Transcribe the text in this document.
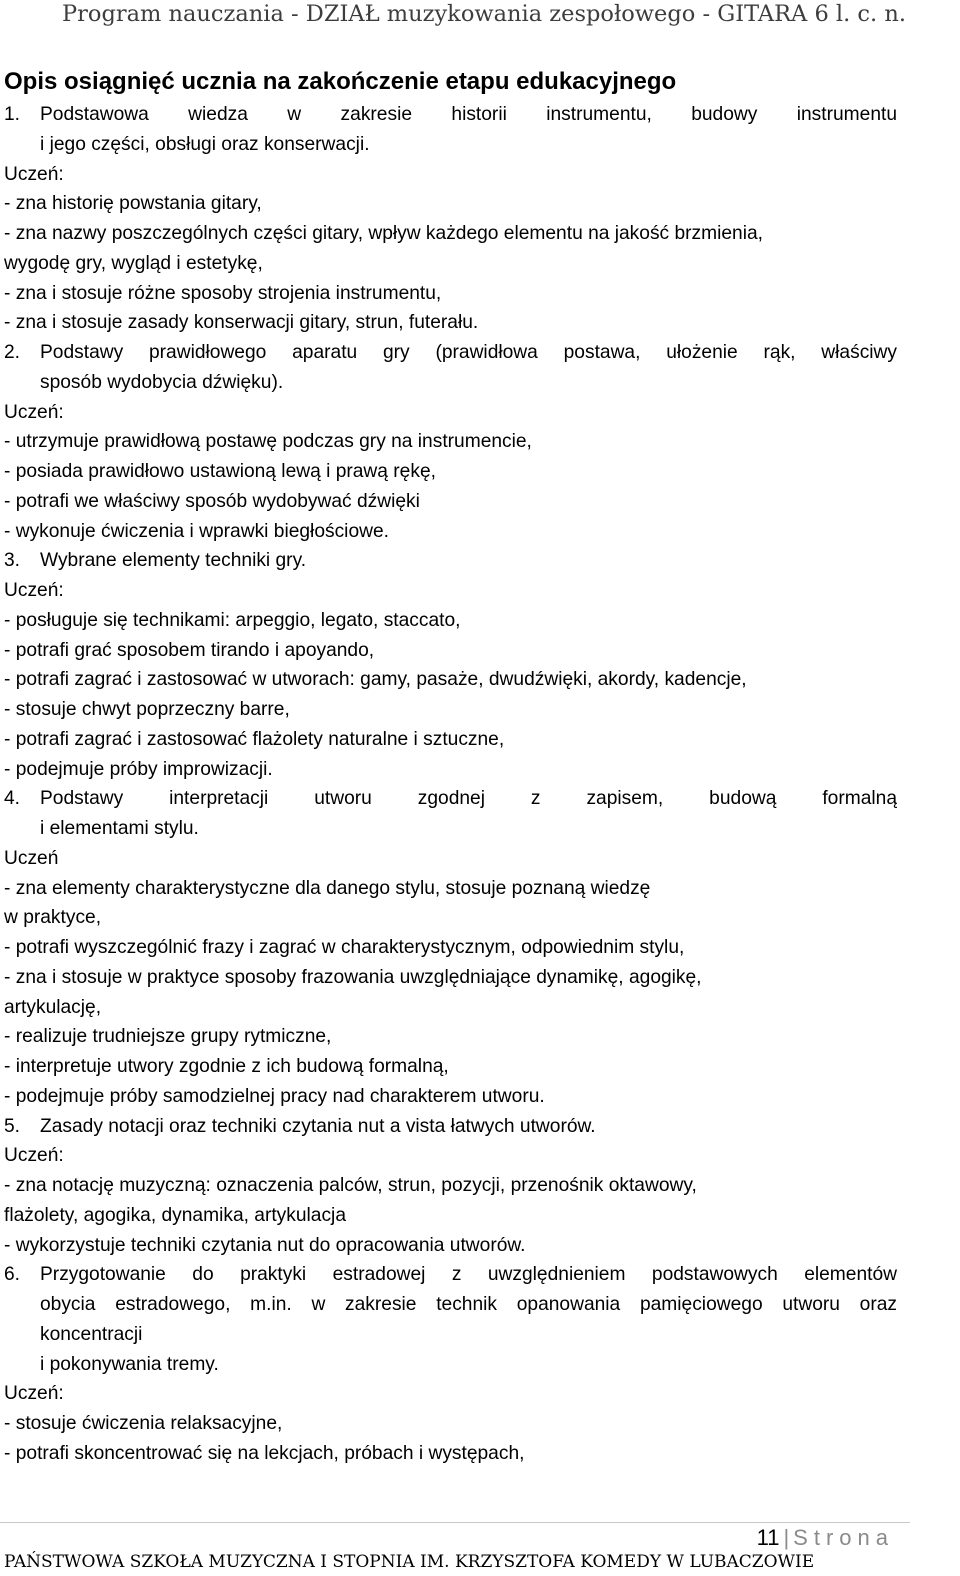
Program nauczania - DZIAŁ muzykowania zespołowego - GITARA 6 l. c. n.

Opis osiągnięć ucznia na zakończenie etapu edukacyjnego

1.	Podstawowa wiedza w zakresie historii instrumentu, budowy instrumentu
i jego części, obsługi oraz konserwacji.

Uczeń:

- zna historię powstania gitary,

- zna nazwy poszczególnych części gitary, wpływ każdego elementu na jakość brzmienia,

wygodę gry, wygląd i estetykę,

- zna i stosuje różne sposoby strojenia instrumentu,

- zna i stosuje zasady konserwacji gitary, strun, futerału.

2.	Podstawy prawidłowego aparatu gry (prawidłowa postawa, ułożenie rąk, właściwy
sposób wydobycia dźwięku).

Uczeń:

- utrzymuje prawidłową postawę podczas gry na instrumencie,

- posiada prawidłowo ustawioną lewą i prawą rękę,

- potrafi we właściwy sposób wydobywać dźwięki

- wykonuje ćwiczenia i wprawki biegłościowe.

3.	Wybrane elementy techniki gry.

Uczeń:

- posługuje się technikami: arpeggio, legato, staccato,

- potrafi grać sposobem tirando i apoyando,

- potrafi zagrać i zastosować w utworach: gamy, pasaże, dwudźwięki, akordy, kadencje,

- stosuje chwyt poprzeczny barre,

- potrafi zagrać i zastosować flażolety naturalne i sztuczne,

- podejmuje próby improwizacji.

4.	Podstawy interpretacji utworu zgodnej z zapisem, budową formalną
i elementami stylu.

Uczeń

- zna elementy charakterystyczne dla danego stylu, stosuje poznaną wiedzę

w praktyce,

- potrafi wyszczególnić frazy i zagrać w charakterystycznym, odpowiednim stylu,

- zna i stosuje w praktyce sposoby frazowania uwzględniające dynamikę, agogikę,

artykulację,

- realizuje trudniejsze grupy rytmiczne,

- interpretuje utwory zgodnie z ich budową formalną,

- podejmuje próby samodzielnej pracy nad charakterem utworu.

5.	Zasady notacji oraz techniki czytania nut a vista łatwych utworów.

Uczeń:

- zna notację muzyczną: oznaczenia palców, strun, pozycji, przenośnik oktawowy,

flażolety, agogika, dynamika, artykulacja

- wykorzystuje techniki czytania nut do opracowania utworów.

6.	Przygotowanie do praktyki estradowej z uwzględnieniem podstawowych elementów
obycia estradowego, m.in. w zakresie technik opanowania pamięciowego utworu oraz
koncentracji
i pokonywania tremy.

Uczeń:

- stosuje ćwiczenia relaksacyjne,

- potrafi skoncentrować się na lekcjach, próbach i występach,

11 | Strona
PAŃSTWOWA SZKOŁA MUZYCZNA I STOPNIA IM. KRZYSZTOFA KOMEDY W LUBACZOWIE
